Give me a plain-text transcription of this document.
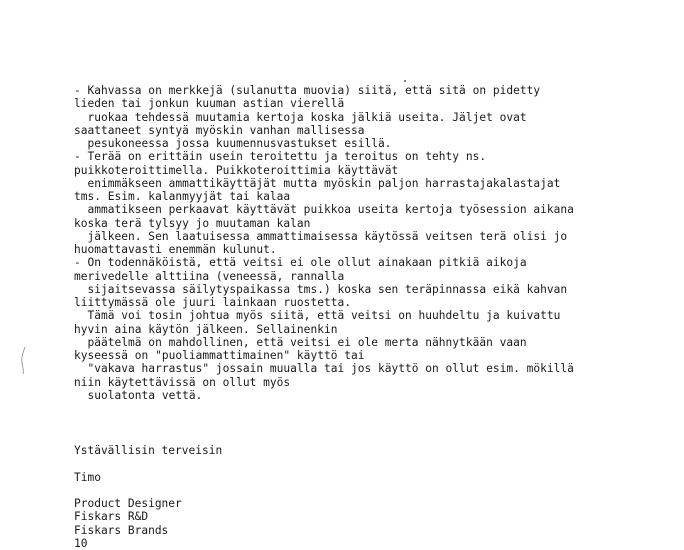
- Kahvassa on merkkejä (sulanutta muovia) siitä, että sitä on pidetty
lieden tai jonkun kuuman astian vierellä
ruokaa tehdessä muutamia kertoja koska jälkiä useita. Jäljet ovat
saattaneet syntyä myöskin vanhan mallisessa
pesukoneessa jossa kuumennusvastukset esillä.
- Terää on erittäin usein teroitettu ja teroitus on tehty ns.
puikkoteroittimella. Puikkoteroittimia käyttävät
enimmäkseen ammattikäyttäjät mutta myöskin paljon harrastajakalastajat
tms. Esim. kalanmyyjät tai kalaa
ammatikseen perkaavat käyttävät puikkoa useita kertoja työsession aikana
koska terä tylsyy jo muutaman kalan
jälkeen. Sen laatuisessa ammattimaisessa käytössä veitsen terä olisi jo
huomattavasti enemmän kulunut.
- On todennäköistä, että veitsi ei ole ollut ainakaan pitkiä aikoja
merivedelle alttiina (veneessä, rannalla
sijaitsevassa säilytyspaikassa tms.) koska sen teräpinnassa eikä kahvan
liittymässä ole juuri lainkaan ruostetta.
Tämä voi tosin johtua myös siitä, että veitsi on huuhdeltu ja kuivattu
hyvin aina käytön jälkeen. Sellainenkin
päätelmä on mahdollinen, että veitsi ei ole merta nähnytkään vaan
kyseessä on "puoliammattimainen" käyttö tai
"vakava harrastus" jossain muualla tai jos käyttö on ollut esim. mökillä
niin käytettävissä on ollut myös
suolatonta vettä.
Ystävällisin terveisin
Timo
Product Designer
Fiskars R&D
Fiskars Brands
10
